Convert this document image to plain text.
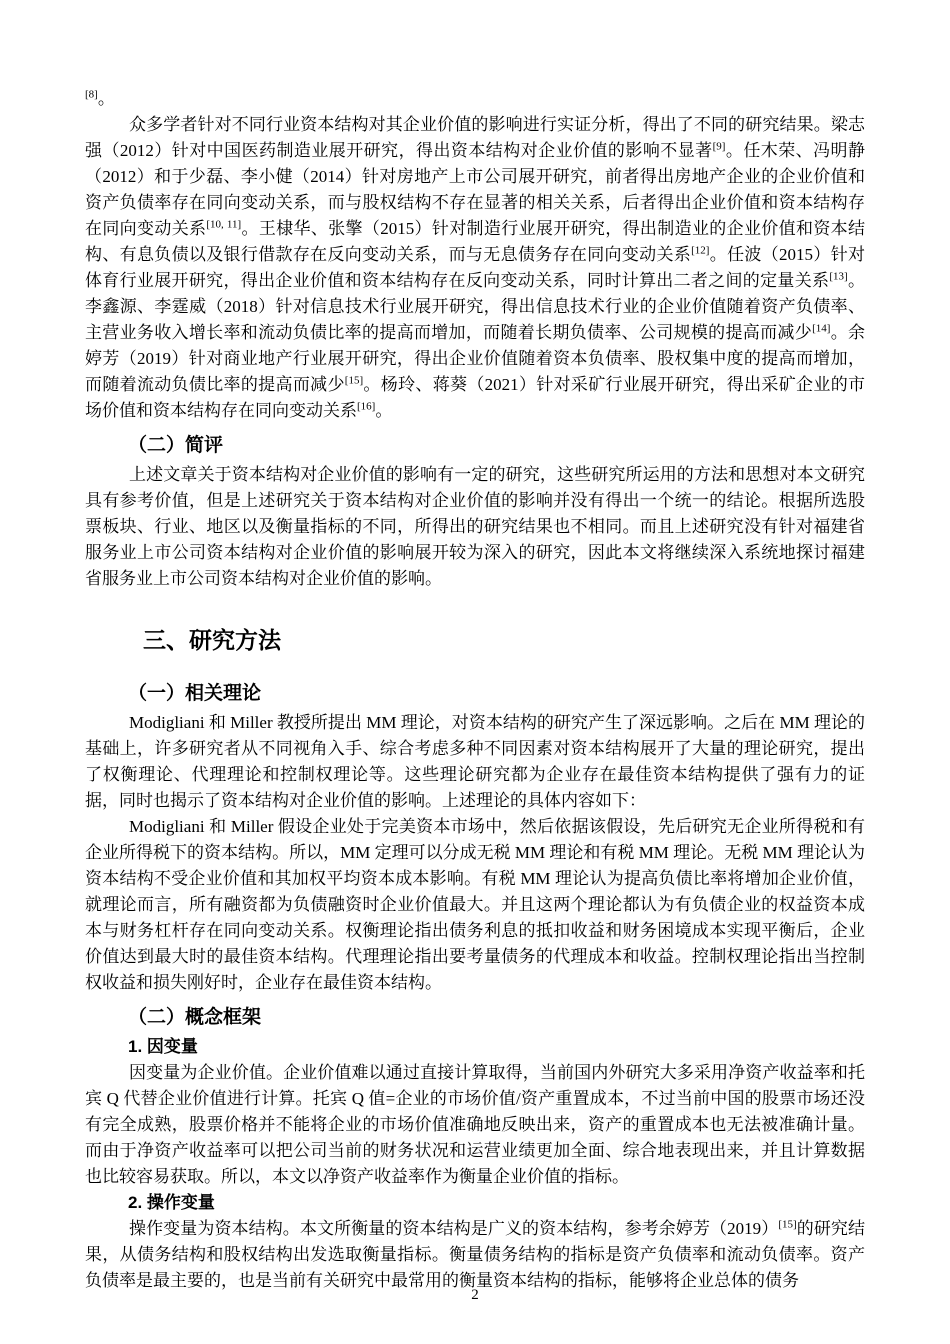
[8]。

众多学者针对不同行业资本结构对其企业价值的影响进行实证分析，得出了不同的研究结果。梁志强（2012）针对中国医药制造业展开研究，得出资本结构对企业价值的影响不显著[9]。任木荣、冯明静（2012）和于少磊、李小健（2014）针对房地产上市公司展开研究，前者得出房地产企业的企业价值和资产负债率存在同向变动关系，而与股权结构不存在显著的相关关系，后者得出企业价值和资本结构存在同向变动关系[10, 11]。王棣华、张擎（2015）针对制造行业展开研究，得出制造业的企业价值和资本结构、有息负债以及银行借款存在反向变动关系，而与无息债务存在同向变动关系[12]。任波（2015）针对体育行业展开研究，得出企业价值和资本结构存在反向变动关系，同时计算出二者之间的定量关系[13]。李鑫源、李霆威（2018）针对信息技术行业展开研究，得出信息技术行业的企业价值随着资产负债率、主营业务收入增长率和流动负债比率的提高而增加，而随着长期负债率、公司规模的提高而减少[14]。余婷芳（2019）针对商业地产行业展开研究，得出企业价值随着资本负债率、股权集中度的提高而增加，而随着流动负债比率的提高而减少[15]。杨玲、蒋葵（2021）针对采矿行业展开研究，得出采矿企业的市场价值和资本结构存在同向变动关系[16]。

（二）简评

上述文章关于资本结构对企业价值的影响有一定的研究，这些研究所运用的方法和思想对本文研究具有参考价值，但是上述研究关于资本结构对企业价值的影响并没有得出一个统一的结论。根据所选股票板块、行业、地区以及衡量指标的不同，所得出的研究结果也不相同。而且上述研究没有针对福建省服务业上市公司资本结构对企业价值的影响展开较为深入的研究，因此本文将继续深入系统地探讨福建省服务业上市公司资本结构对企业价值的影响。

三、研究方法
（一）相关理论

Modigliani 和 Miller 教授所提出 MM 理论，对资本结构的研究产生了深远影响。之后在 MM 理论的基础上，许多研究者从不同视角入手、综合考虑多种不同因素对资本结构展开了大量的理论研究，提出了权衡理论、代理理论和控制权理论等。这些理论研究都为企业存在最佳资本结构提供了强有力的证据，同时也揭示了资本结构对企业价值的影响。上述理论的具体内容如下：

Modigliani 和 Miller 假设企业处于完美资本市场中，然后依据该假设，先后研究无企业所得税和有企业所得税下的资本结构。所以，MM 定理可以分成无税 MM 理论和有税 MM 理论。无税 MM 理论认为资本结构不受企业价值和其加权平均资本成本影响。有税 MM 理论认为提高负债比率将增加企业价值，就理论而言，所有融资都为负债融资时企业价值最大。并且这两个理论都认为有负债企业的权益资本成本与财务杠杆存在同向变动关系。权衡理论指出债务利息的抵扣收益和财务困境成本实现平衡后，企业价值达到最大时的最佳资本结构。代理理论指出要考量债务的代理成本和收益。控制权理论指出当控制权收益和损失刚好时，企业存在最佳资本结构。

（二）概念框架
1. 因变量

因变量为企业价值。企业价值难以通过直接计算取得，当前国内外研究大多采用净资产收益率和托宾 Q 代替企业价值进行计算。托宾 Q 值=企业的市场价值/资产重置成本，不过当前中国的股票市场还没有完全成熟，股票价格并不能将企业的市场价值准确地反映出来，资产的重置成本也无法被准确计量。而由于净资产收益率可以把公司当前的财务状况和运营业绩更加全面、综合地表现出来，并且计算数据也比较容易获取。所以，本文以净资产收益率作为衡量企业价值的指标。

2. 操作变量

操作变量为资本结构。本文所衡量的资本结构是广义的资本结构，参考余婷芳（2019）[15]的研究结果，从债务结构和股权结构出发选取衡量指标。衡量债务结构的指标是资产负债率和流动负债率。资产负债率是最主要的，也是当前有关研究中最常用的衡量资本结构的指标，能够将企业总体的债务

2
